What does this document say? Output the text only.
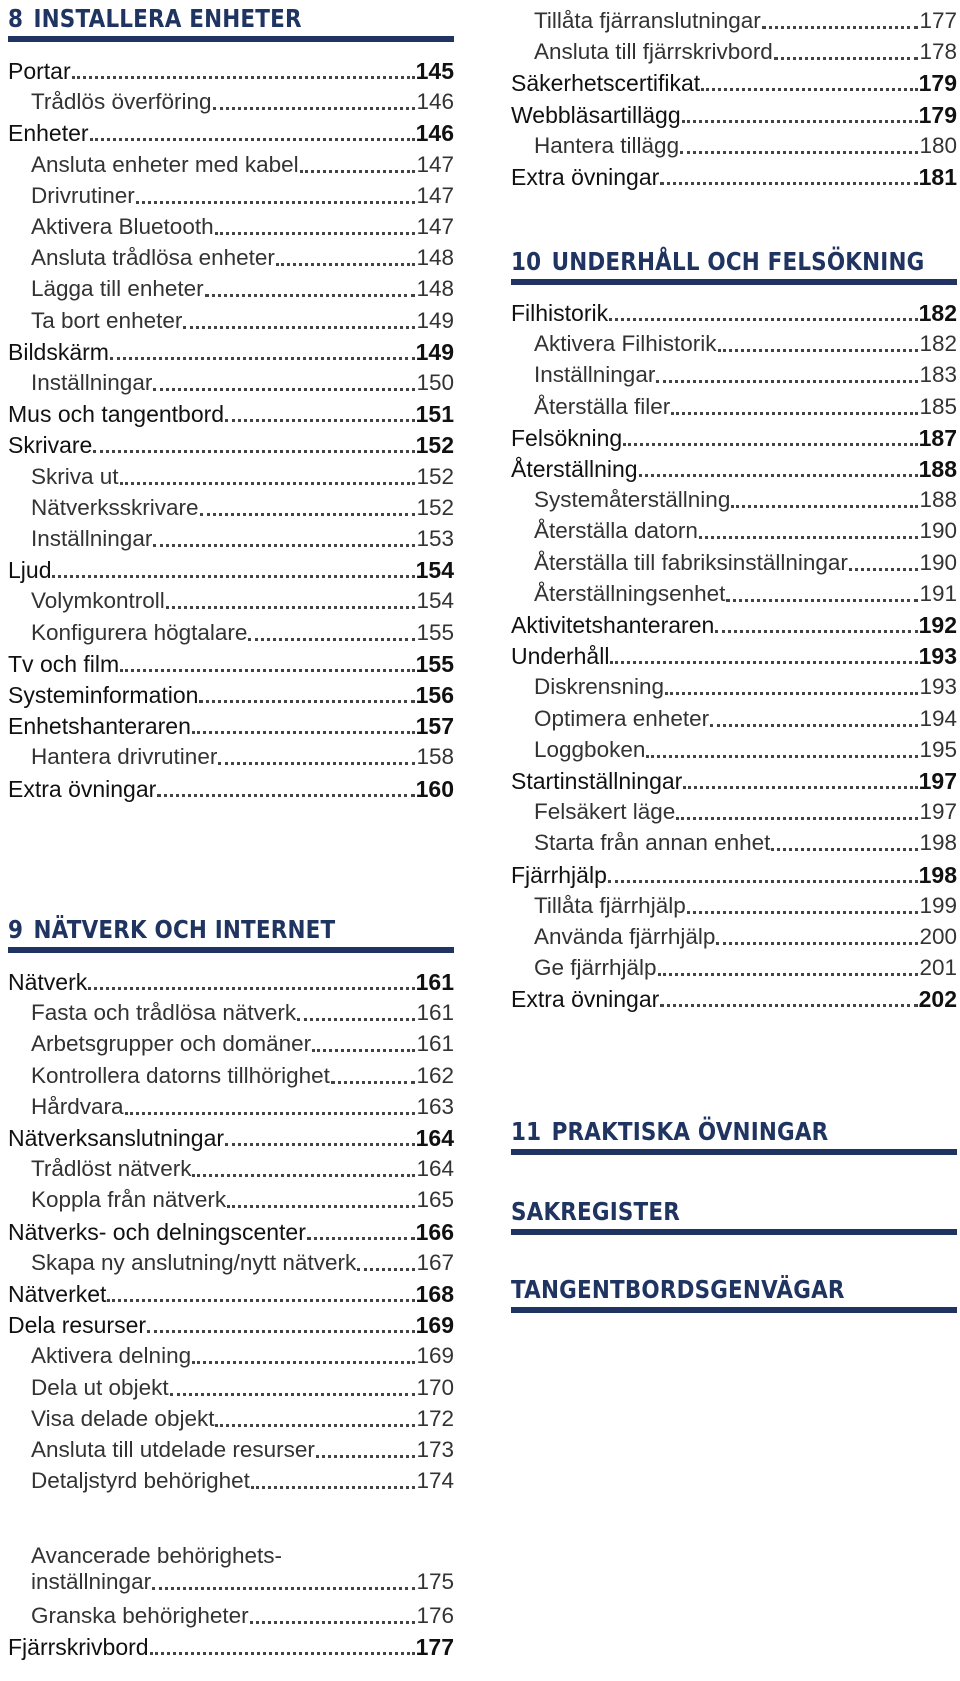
8 INSTALLERA ENHETER
Portar	145
Trådlös överföring	146
Enheter	146
Ansluta enheter med kabel	147
Drivrutiner	147
Aktivera Bluetooth	147
Ansluta trådlösa enheter	148
Lägga till enheter	148
Ta bort enheter	149
Bildskärm	149
Inställningar	150
Mus och tangentbord	151
Skrivare	152
Skriva ut	152
Nätverksskrivare	152
Inställningar	153
Ljud	154
Volymkontroll	154
Konfigurera högtalare	155
Tv och film	155
Systeminformation	156
Enhetshanteraren	157
Hantera drivrutiner	158
Extra övningar	160
9 NÄTVERK OCH INTERNET
Nätverk	161
Fasta och trådlösa nätverk	161
Arbetsgrupper och domäner	161
Kontrollera datorns tillhörighet	162
Hårdvara	163
Nätverksanslutningar	164
Trådlöst nätverk	164
Koppla från nätverk	165
Nätverks- och delningscenter	166
Skapa ny anslutning/nytt nätverk	167
Nätverket	168
Dela resurser	169
Aktivera delning	169
Dela ut objekt	170
Visa delade objekt	172
Ansluta till utdelade resurser	173
Detaljstyrd behörighet	174
Avancerade behörighets-
inställningar	175
Granska behörigheter	176
Fjärrskrivbord	177
Tillåta fjärranslutningar	177
Ansluta till fjärrskrivbord	178
Säkerhetscertifikat	179
Webbläsartillägg	179
Hantera tillägg	180
Extra övningar	181
10 UNDERHÅLL OCH FELSÖKNING
Filhistorik	182
Aktivera Filhistorik	182
Inställningar	183
Återställa filer	185
Felsökning	187
Återställning	188
Systemåterställning	188
Återställa datorn	190
Återställa till fabriksinställningar	190
Återställningsenhet	191
Aktivitetshanteraren	192
Underhåll	193
Diskrensning	193
Optimera enheter	194
Loggboken	195
Startinställningar	197
Felsäkert läge	197
Starta från annan enhet	198
Fjärrhjälp	198
Tillåta fjärrhjälp	199
Använda fjärrhjälp	200
Ge fjärrhjälp	201
Extra övningar	202
11 PRAKTISKA ÖVNINGAR
SAKREGISTER
TANGENTBORDSGENVÄGAR
